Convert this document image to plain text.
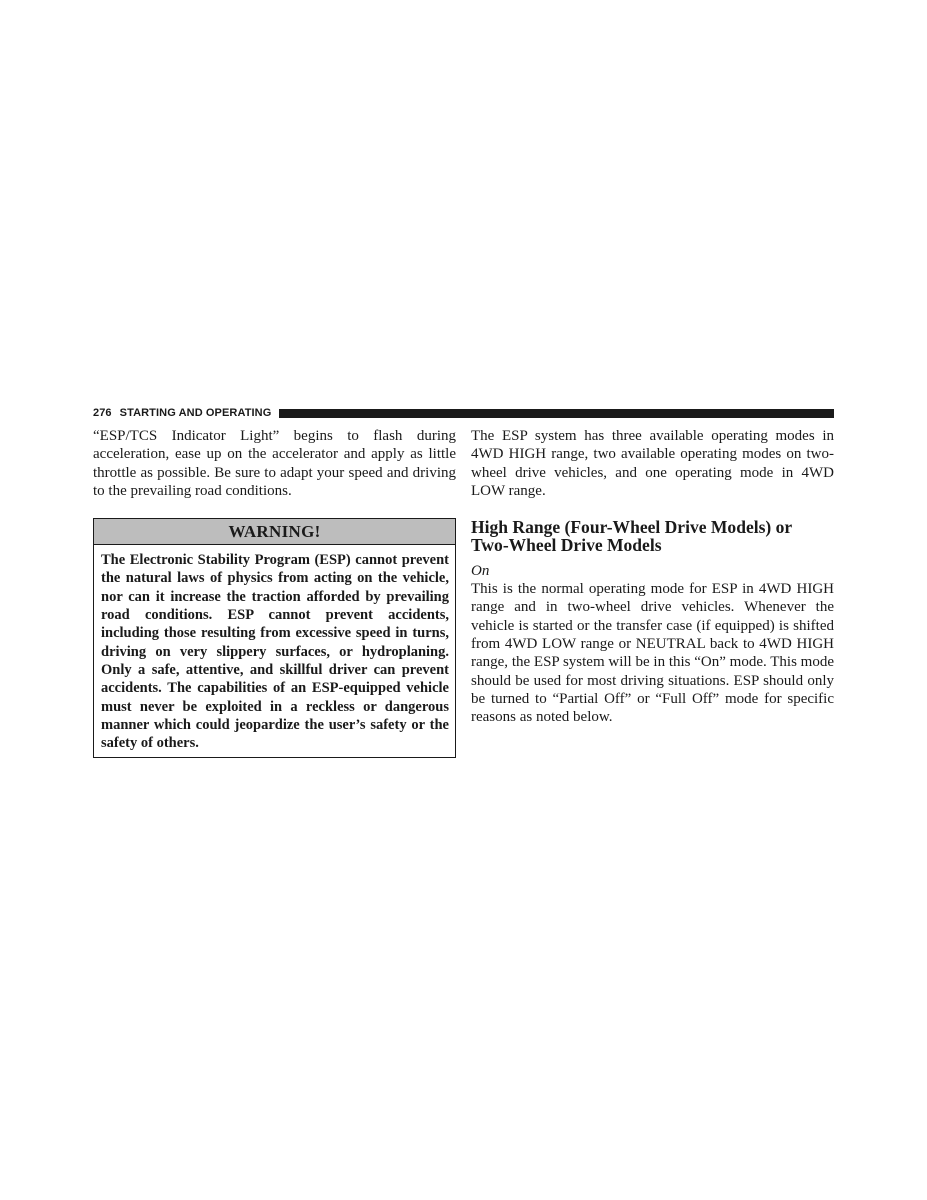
276 STARTING AND OPERATING

“ESP/TCS Indicator Light” begins to flash during acceleration, ease up on the accelerator and apply as little throttle as possible. Be sure to adapt your speed and driving to the prevailing road conditions.

WARNING!

The Electronic Stability Program (ESP) cannot prevent the natural laws of physics from acting on the vehicle, nor can it increase the traction afforded by prevailing road conditions. ESP cannot prevent accidents, including those resulting from excessive speed in turns, driving on very slippery surfaces, or hydroplaning. Only a safe, attentive, and skillful driver can prevent accidents. The capabilities of an ESP-equipped vehicle must never be exploited in a reckless or dangerous manner which could jeopardize the user’s safety or the safety of others.

The ESP system has three available operating modes in 4WD HIGH range, two available operating modes on two-wheel drive vehicles, and one operating mode in 4WD LOW range.

High Range (Four-Wheel Drive Models) or
Two-Wheel Drive Models

On

This is the normal operating mode for ESP in 4WD HIGH range and in two-wheel drive vehicles. Whenever the vehicle is started or the transfer case (if equipped) is shifted from 4WD LOW range or NEUTRAL back to 4WD HIGH range, the ESP system will be in this “On” mode. This mode should be used for most driving situations. ESP should only be turned to “Partial Off” or “Full Off” mode for specific reasons as noted below.
